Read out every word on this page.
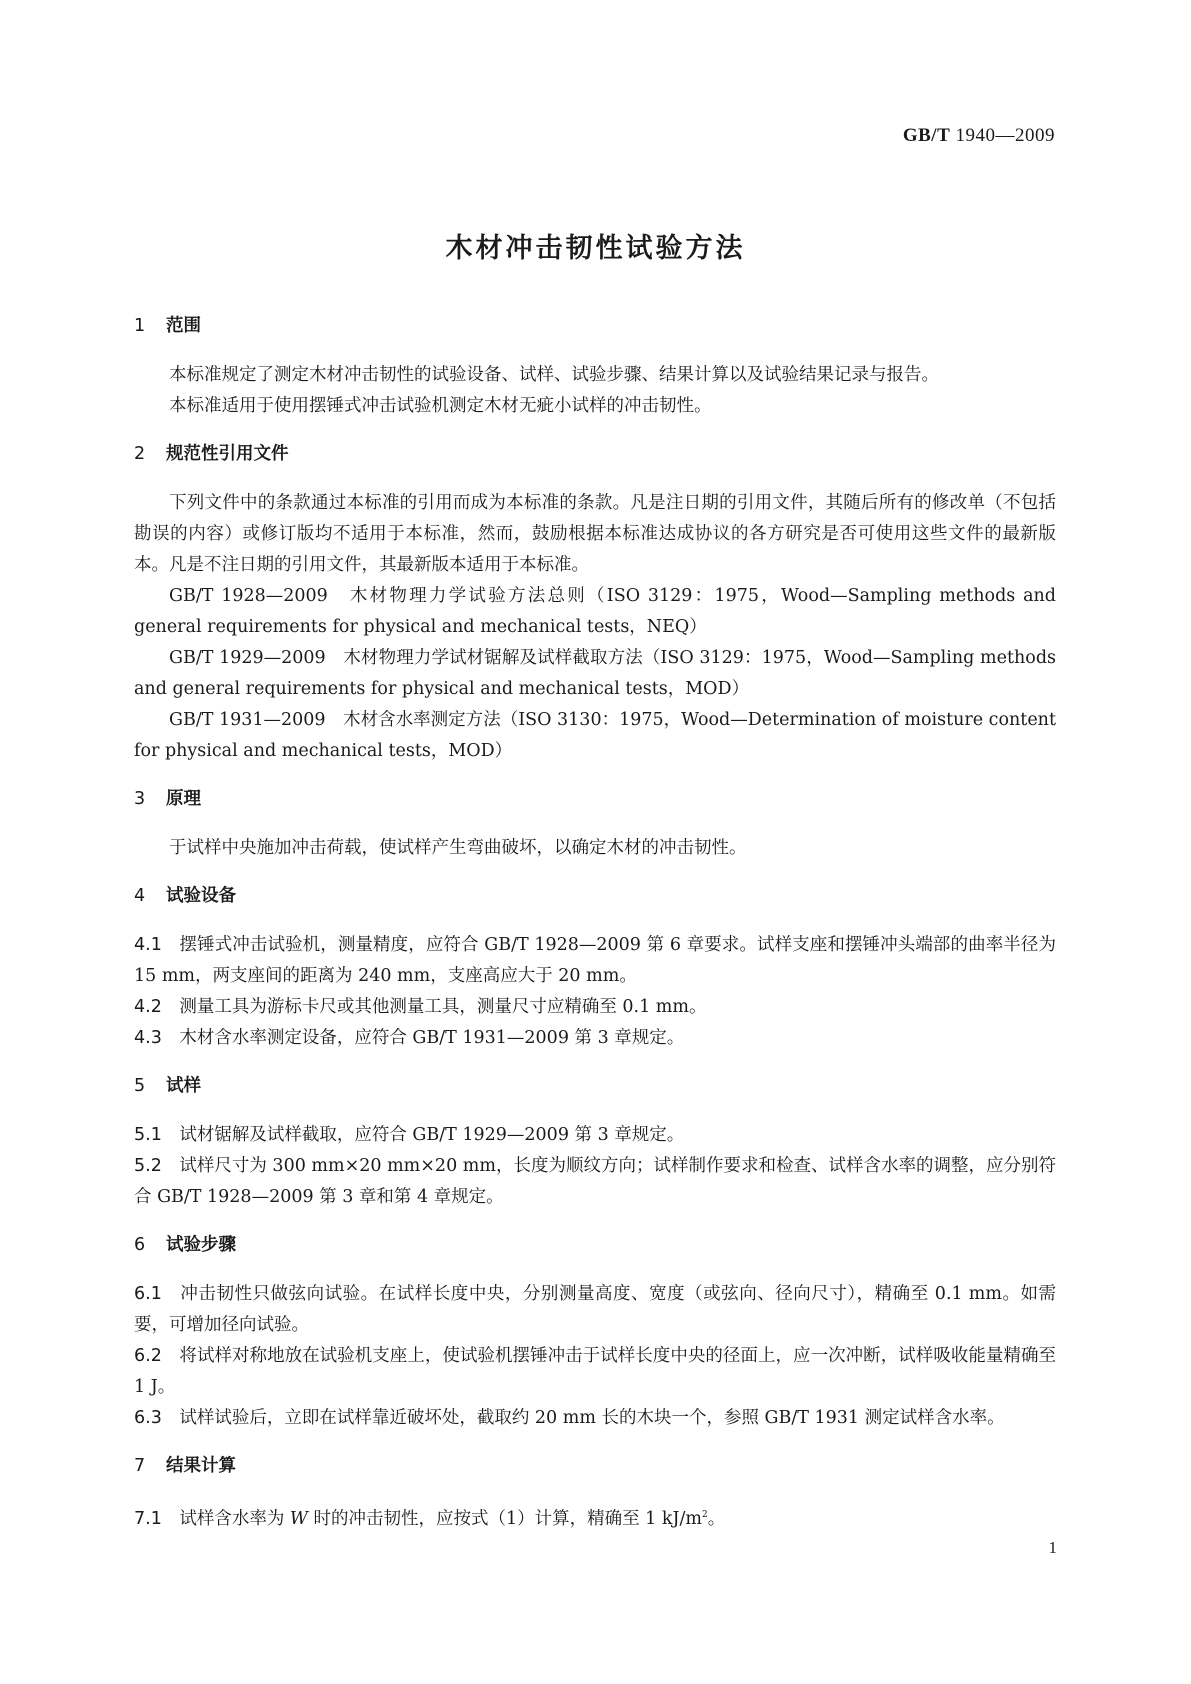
GB/T 1940—2009
木材冲击韧性试验方法
1 范围

本标准规定了测定木材冲击韧性的试验设备、试样、试验步骤、结果计算以及试验结果记录与报告。

本标准适用于使用摆锤式冲击试验机测定木材无疵小试样的冲击韧性。

2 规范性引用文件

下列文件中的条款通过本标准的引用而成为本标准的条款。凡是注日期的引用文件，其随后所有的修改单（不包括勘误的内容）或修订版均不适用于本标准，然而，鼓励根据本标准达成协议的各方研究是否可使用这些文件的最新版本。凡是不注日期的引用文件，其最新版本适用于本标准。

GB/T 1928—2009　木材物理力学试验方法总则（ISO 3129：1975，Wood—Sampling methods and general requirements for physical and mechanical tests，NEQ）

GB/T 1929—2009　木材物理力学试材锯解及试样截取方法（ISO 3129：1975，Wood—Sampling methods and general requirements for physical and mechanical tests，MOD）

GB/T 1931—2009　木材含水率测定方法（ISO 3130：1975，Wood—Determination of moisture content for physical and mechanical tests，MOD）

3 原理

于试样中央施加冲击荷载，使试样产生弯曲破坏，以确定木材的冲击韧性。

4 试验设备

4.1　 摆锤式冲击试验机，测量精度，应符合 GB/T 1928—2009 第 6 章要求。试样支座和摆锤冲头端部的曲率半径为 15 mm，两支座间的距离为 240 mm，支座高应大于 20 mm。

4.2　 测量工具为游标卡尺或其他测量工具，测量尺寸应精确至 0.1 mm。

4.3　 木材含水率测定设备，应符合 GB/T 1931—2009 第 3 章规定。

5 试样

5.1　 试材锯解及试样截取，应符合 GB/T 1929—2009 第 3 章规定。

5.2　 试样尺寸为 300 mm×20 mm×20 mm，长度为顺纹方向；试样制作要求和检查、试样含水率的调整，应分别符合 GB/T 1928—2009 第 3 章和第 4 章规定。

6 试验步骤

6.1　 冲击韧性只做弦向试验。在试样长度中央，分别测量高度、宽度（或弦向、径向尺寸），精确至 0.1 mm。如需要，可增加径向试验。

6.2　 将试样对称地放在试验机支座上，使试验机摆锤冲击于试样长度中央的径面上，应一次冲断，试样吸收能量精确至 1 J。

6.3　 试样试验后，立即在试样靠近破坏处，截取约 20 mm 长的木块一个，参照 GB/T 1931 测定试样含水率。

7 结果计算

7.1　 试样含水率为 W 时的冲击韧性，应按式（1）计算，精确至 1 $kJ/m^2$。

1
